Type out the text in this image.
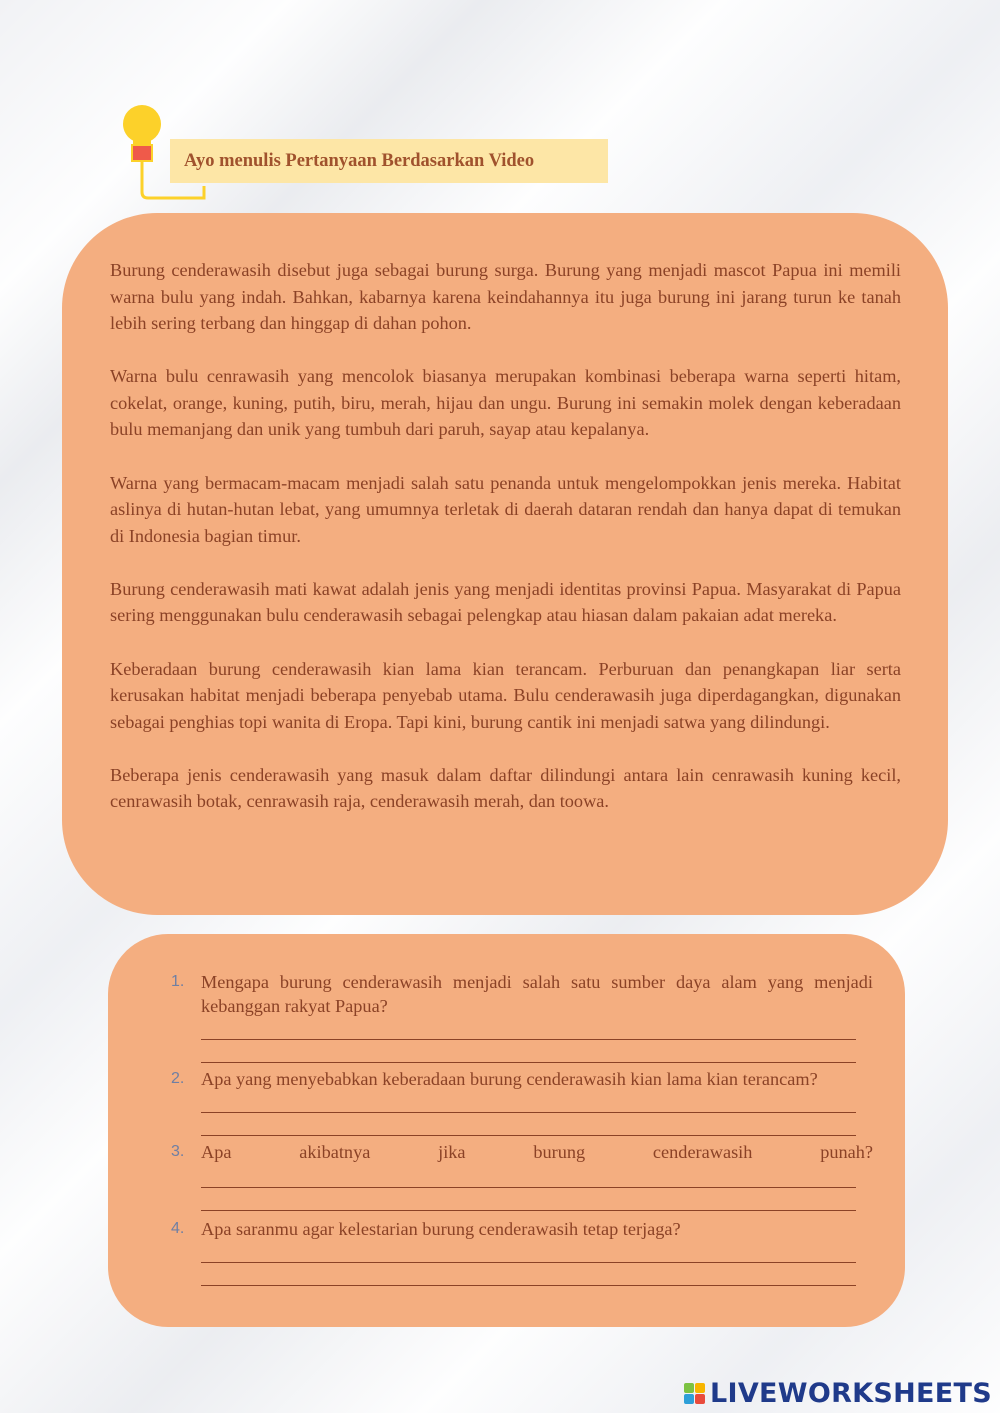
Ayo menulis Pertanyaan Berdasarkan Video

Burung cenderawasih disebut juga sebagai burung surga. Burung yang menjadi mascot Papua ini memili warna bulu yang indah. Bahkan, kabarnya karena keindahannya itu juga burung ini jarang turun ke tanah lebih sering terbang dan hinggap di dahan pohon.

Warna bulu cenrawasih yang mencolok biasanya merupakan kombinasi beberapa warna seperti hitam, cokelat, orange, kuning, putih, biru, merah, hijau dan ungu. Burung ini semakin molek dengan keberadaan bulu memanjang dan unik yang tumbuh dari paruh, sayap atau kepalanya.

Warna yang bermacam-macam menjadi salah satu penanda untuk mengelompokkan jenis mereka. Habitat aslinya di hutan-hutan lebat, yang umumnya terletak di daerah dataran rendah dan hanya dapat di temukan di Indonesia bagian timur.

Burung cenderawasih mati kawat adalah jenis yang menjadi identitas provinsi Papua. Masyarakat di Papua sering menggunakan bulu cenderawasih sebagai pelengkap atau hiasan dalam pakaian adat mereka.

Keberadaan burung cenderawasih kian lama kian terancam. Perburuan dan penangkapan liar serta kerusakan habitat menjadi beberapa penyebab utama. Bulu cenderawasih juga diperdagangkan, digunakan sebagai penghias topi wanita di Eropa. Tapi kini, burung cantik ini menjadi satwa yang dilindungi.

Beberapa jenis cenderawasih yang masuk dalam daftar dilindungi antara lain cenrawasih kuning kecil, cenrawasih botak, cenrawasih raja, cenderawasih merah, dan toowa.

1. Mengapa burung cenderawasih menjadi salah satu sumber daya alam yang menjadi kebanggan rakyat Papua?
2. Apa yang menyebabkan keberadaan burung cenderawasih kian lama kian terancam?
3. Apa akibatnya jika burung cenderawasih punah?
4. Apa saranmu agar kelestarian burung cenderawasih tetap terjaga?
LIVEWORKSHEETS
